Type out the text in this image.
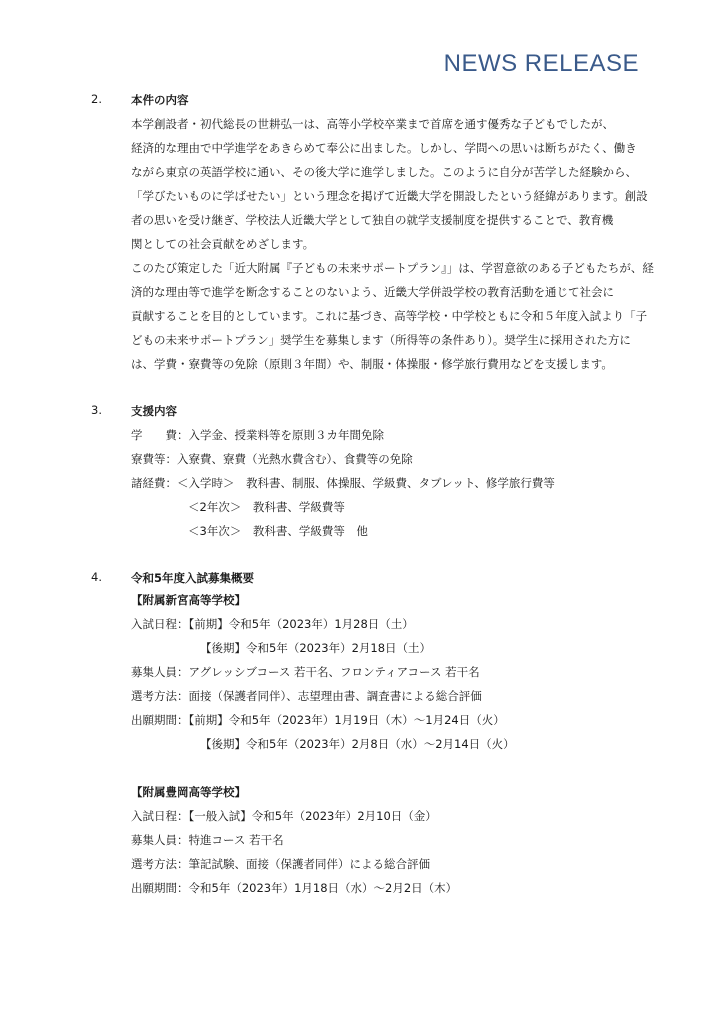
NEWS RELEASE
2.	本件の内容
本学創設者・初代総長の世耕弘一は、高等小学校卒業まで首席を通す優秀な子どもでしたが、
経済的な理由で中学進学をあきらめて奉公に出ました。しかし、学問への思いは断ちがたく、働き
ながら東京の英語学校に通い、その後大学に進学しました。このように自分が苦学した経験から、
「学びたいものに学ばせたい」という理念を掲げて近畿大学を開設したという経緯があります。創設
者の思いを受け継ぎ、学校法人近畿大学として独自の就学支援制度を提供することで、教育機
関としての社会貢献をめざします。
このたび策定した「近大附属『子どもの未来サポートプラン』」は、学習意欲のある子どもたちが、経
済的な理由等で進学を断念することのないよう、近畿大学併設学校の教育活動を通じて社会に
貢献することを目的としています。これに基づき、高等学校・中学校ともに令和５年度入試より「子
どもの未来サポートプラン」奨学生を募集します（所得等の条件あり）。奨学生に採用された方に
は、学費・寮費等の免除（原則３年間）や、制服・体操服・修学旅行費用などを支援します。
3.	支援内容
学　　費：入学金、授業料等を原則３カ年間免除
寮費等：入寮費、寮費（光熱水費含む）、食費等の免除
諸経費：＜入学時＞　教科書、制服、体操服、学級費、タブレット、修学旅行費等
＜2年次＞　教科書、学級費等
＜3年次＞　教科書、学級費等　他
4.	令和5年度入試募集概要
【附属新宮高等学校】
入試日程：【前期】令和5年（2023年）1月28日（土）
【後期】令和5年（2023年）2月18日（土）
募集人員：アグレッシブコース 若干名、フロンティアコース 若干名
選考方法：面接（保護者同伴）、志望理由書、調査書による総合評価
出願期間：【前期】令和5年（2023年）1月19日（木）～1月24日（火）
【後期】令和5年（2023年）2月8日（水）～2月14日（火）
【附属豊岡高等学校】
入試日程：【一般入試】令和5年（2023年）2月10日（金）
募集人員：特進コース 若干名
選考方法：筆記試験、面接（保護者同伴）による総合評価
出願期間：令和5年（2023年）1月18日（水）～2月2日（木）
